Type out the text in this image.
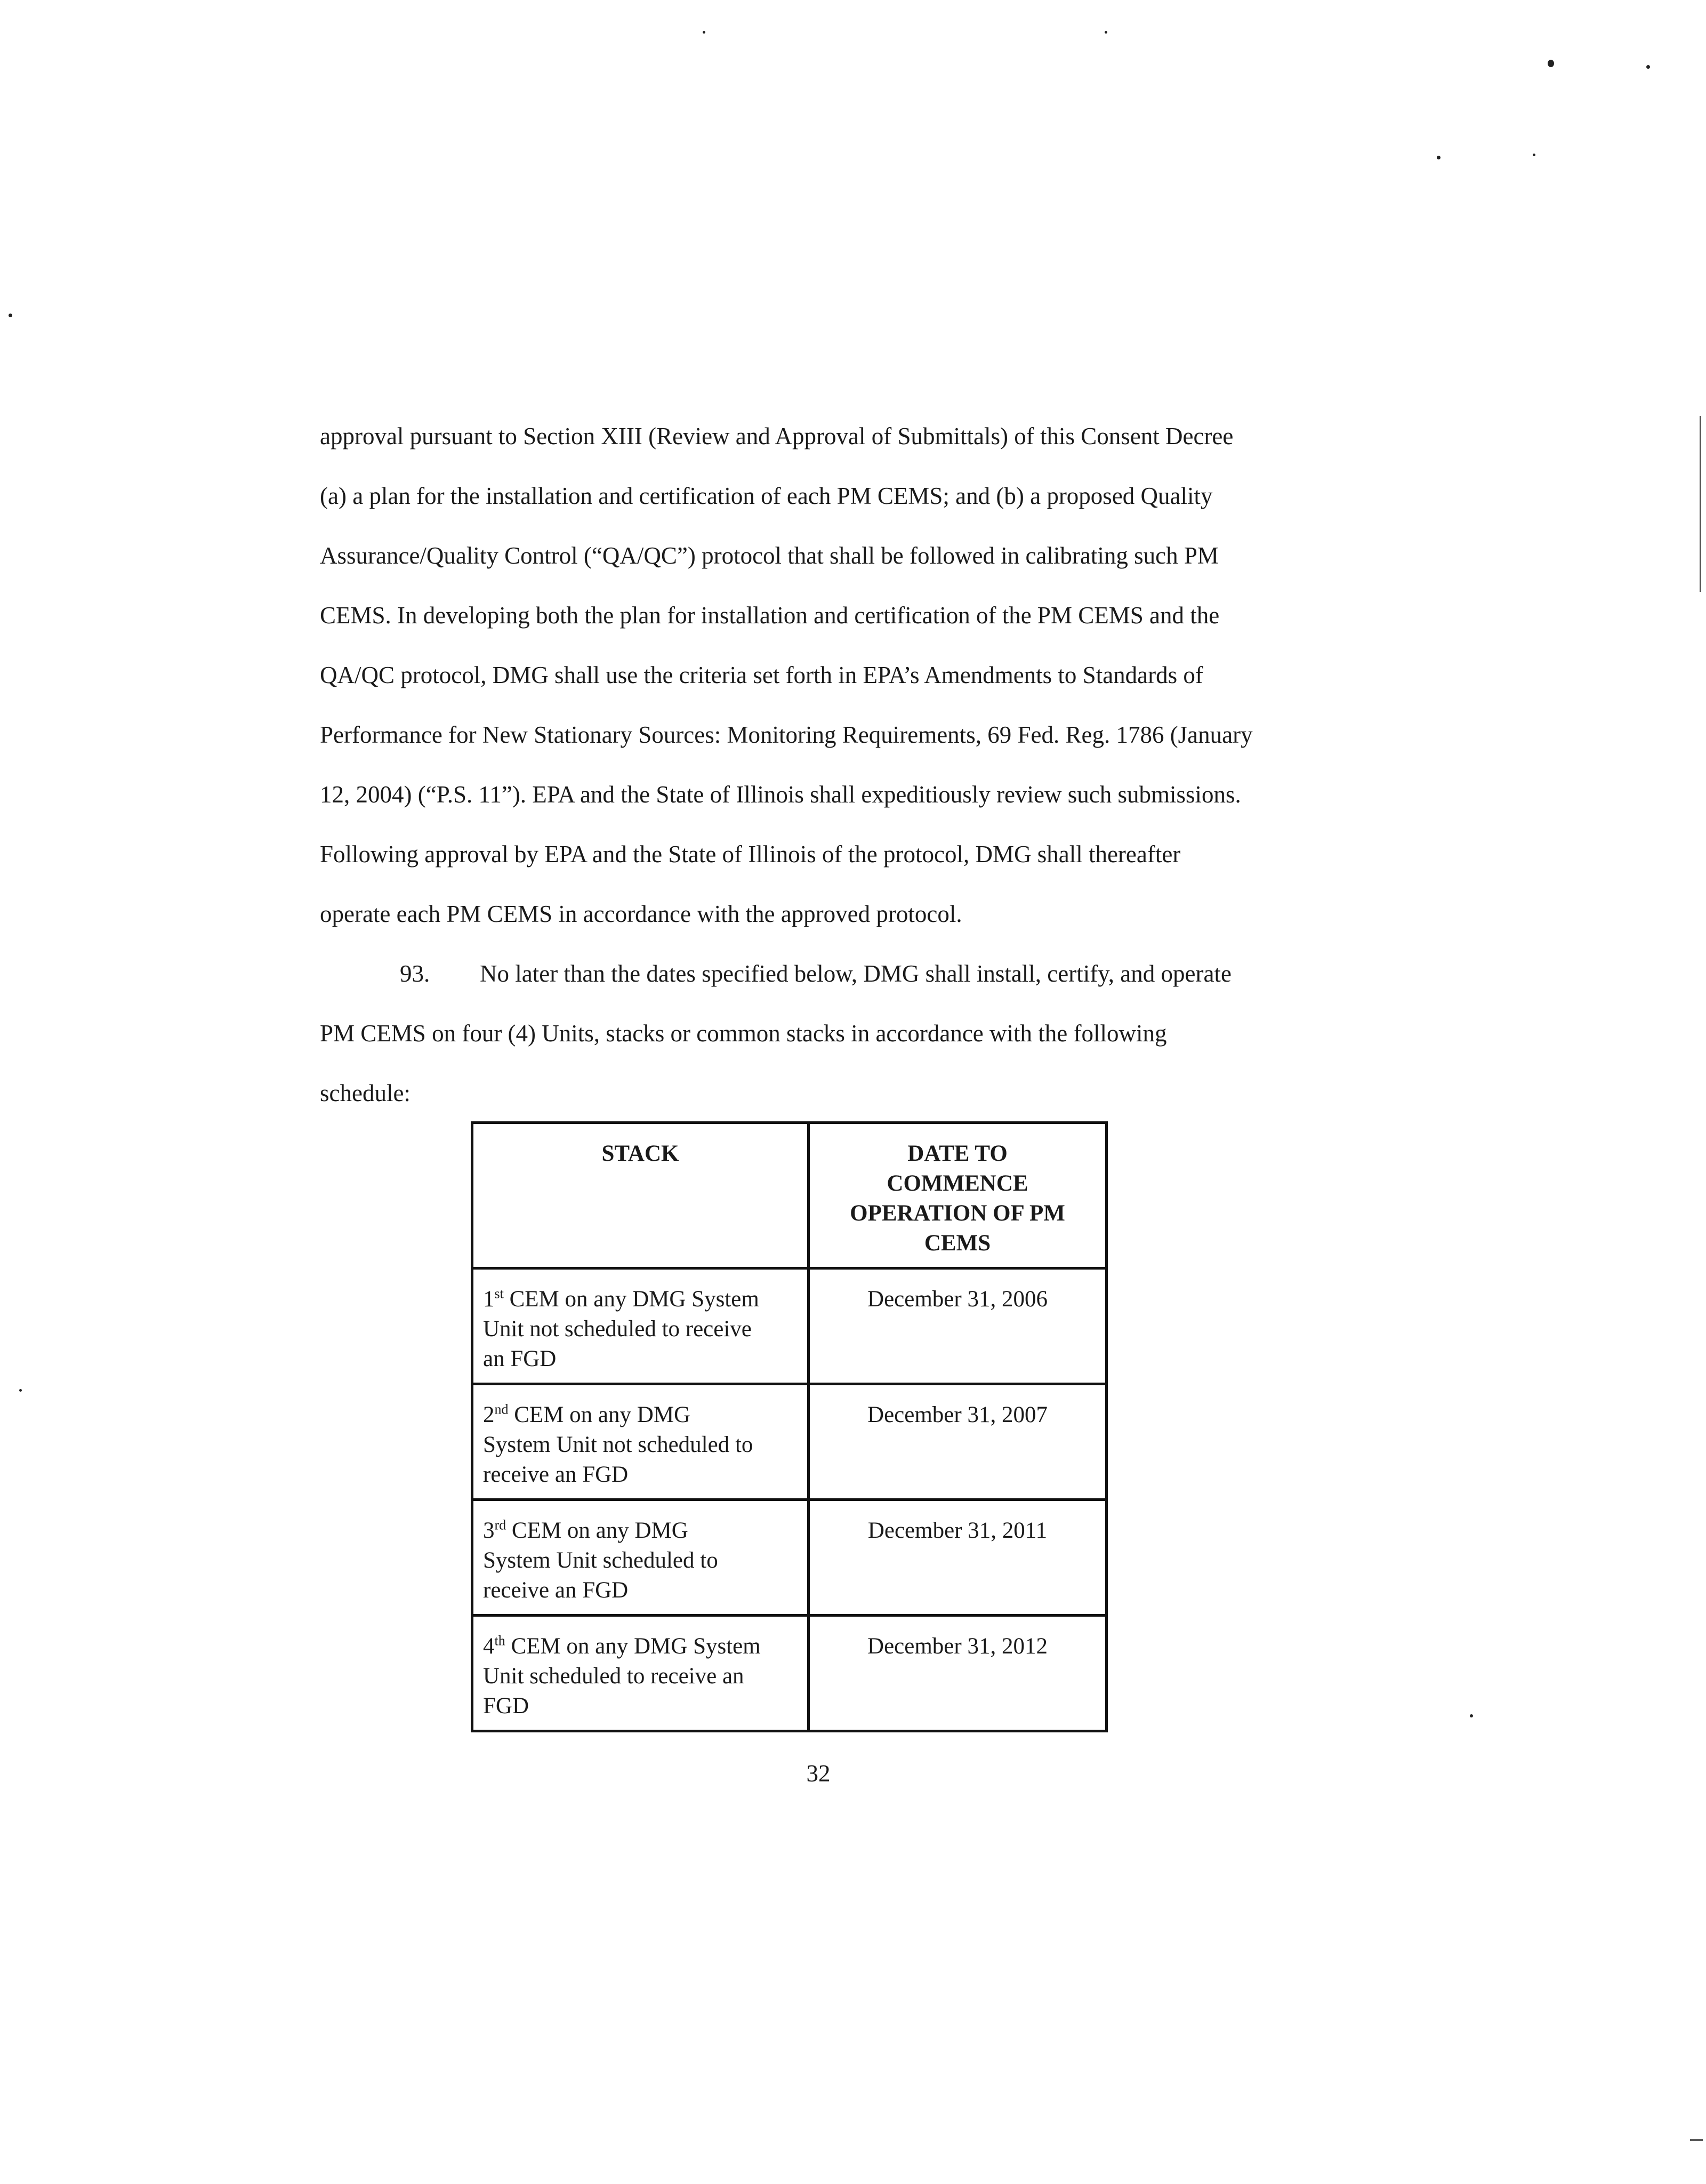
approval pursuant to Section XIII (Review and Approval of Submittals) of this Consent Decree
(a) a plan for the installation and certification of each PM CEMS; and (b) a proposed Quality
Assurance/Quality Control (“QA/QC”) protocol that shall be followed in calibrating such PM
CEMS. In developing both the plan for installation and certification of the PM CEMS and the
QA/QC protocol, DMG shall use the criteria set forth in EPA’s Amendments to Standards of
Performance for New Stationary Sources: Monitoring Requirements, 69 Fed. Reg. 1786 (January
12, 2004) (“P.S. 11”). EPA and the State of Illinois shall expeditiously review such submissions.
Following approval by EPA and the State of Illinois of the protocol, DMG shall thereafter
operate each PM CEMS in accordance with the approved protocol.

93. No later than the dates specified below, DMG shall install, certify, and operate
PM CEMS on four (4) Units, stacks or common stacks in accordance with the following
schedule:

STACK	DATE TO
COMMENCE
OPERATION OF PM
CEMS
1st CEM on any DMG System
Unit not scheduled to receive
an FGD	December 31, 2006
2nd CEM on any DMG
System Unit not scheduled to
receive an FGD	December 31, 2007
3rd CEM on any DMG
System Unit scheduled to
receive an FGD	December 31, 2011
4th CEM on any DMG System
Unit scheduled to receive an
FGD	December 31, 2012
32
